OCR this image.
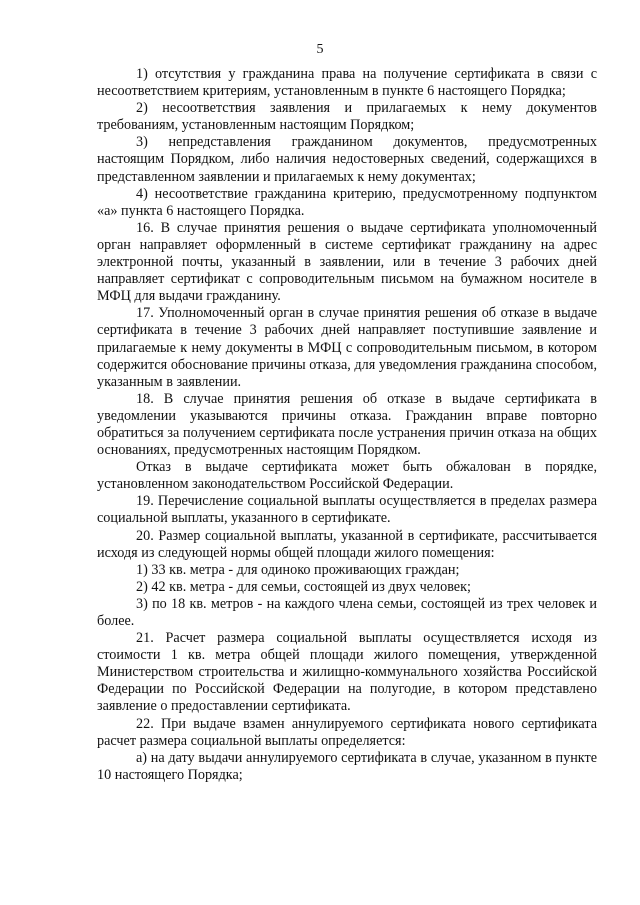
5

1) отсутствия у гражданина права на получение сертификата в связи с несоответствием критериям, установленным в пункте 6 настоящего Порядка;

2) несоответствия заявления и прилагаемых к нему документов требованиям, установленным настоящим Порядком;

3) непредставления гражданином документов, предусмотренных настоящим Порядком, либо наличия недостоверных сведений, содержащихся в представленном заявлении и прилагаемых к нему документах;

4) несоответствие гражданина критерию, предусмотренному подпунктом «а» пункта 6 настоящего Порядка.

16. В случае принятия решения о выдаче сертификата уполномоченный орган направляет оформленный в системе сертификат гражданину на адрес электронной почты, указанный в заявлении, или в течение 3 рабочих дней направляет сертификат с сопроводительным письмом на бумажном носителе в МФЦ для выдачи гражданину.

17. Уполномоченный орган в случае принятия решения об отказе в выдаче сертификата в течение 3 рабочих дней направляет поступившие заявление и прилагаемые к нему документы в МФЦ с сопроводительным письмом, в котором содержится обоснование причины отказа, для уведомления гражданина способом, указанным в заявлении.

18. В случае принятия решения об отказе в выдаче сертификата в уведомлении указываются причины отказа. Гражданин вправе повторно обратиться за получением сертификата после устранения причин отказа на общих основаниях, предусмотренных настоящим Порядком.

Отказ в выдаче сертификата может быть обжалован в порядке, установленном законодательством Российской Федерации.

19. Перечисление социальной выплаты осуществляется в пределах размера социальной выплаты, указанного в сертификате.

20. Размер социальной выплаты, указанной в сертификате, рассчитывается исходя из следующей нормы общей площади жилого помещения:

1) 33 кв. метра - для одиноко проживающих граждан;

2) 42 кв. метра - для семьи, состоящей из двух человек;

3) по 18 кв. метров - на каждого члена семьи, состоящей из трех человек и более.

21. Расчет размера социальной выплаты осуществляется исходя из стоимости 1 кв. метра общей площади жилого помещения, утвержденной Министерством строительства и жилищно-коммунального хозяйства Российской Федерации по Российской Федерации на полугодие, в котором представлено заявление о предоставлении сертификата.

22. При выдаче взамен аннулируемого сертификата нового сертификата расчет размера социальной выплаты определяется:

а) на дату выдачи аннулируемого сертификата в случае, указанном в пункте 10 настоящего Порядка;
